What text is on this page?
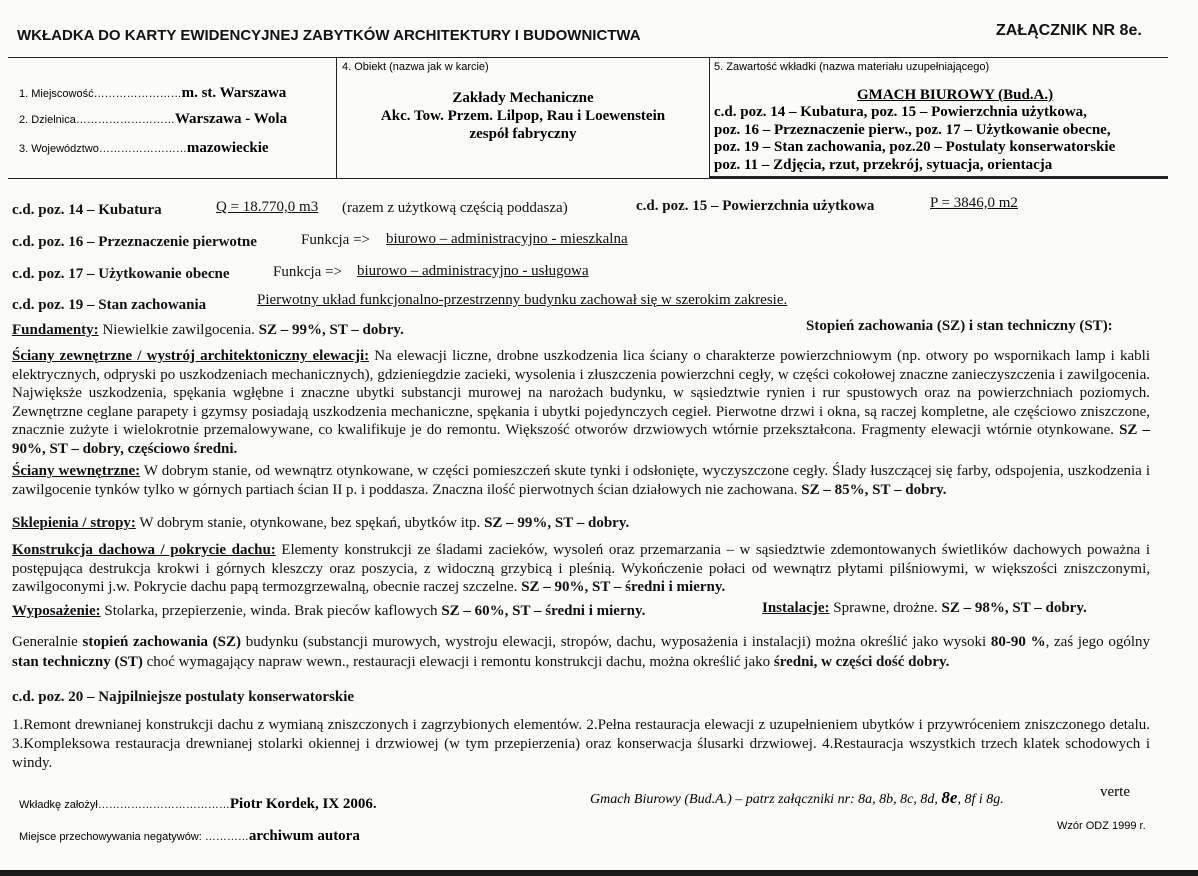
WKŁADKA DO KARTY EWIDENCYJNEJ ZABYTKÓW ARCHITEKTURY I BUDOWNICTWA	ZAŁĄCZNIK NR 8e.
1. Miejscowość……………………m. st. Warszawa
2. Dzielnica………………………Warszawa - Wola
3. Województwo……………………mazowieckie
4. Obiekt (nazwa jak w karcie)
Zakłady Mechaniczne
Akc. Tow. Przem. Lilpop, Rau i Loewenstein
zespół fabryczny
5. Zawartość wkładki (nazwa materiału uzupełniającego)
GMACH BIUROWY (Bud.A.)
c.d. poz. 14 – Kubatura, poz. 15 – Powierzchnia użytkowa,
poz. 16 – Przeznaczenie pierw., poz. 17 – Użytkowanie obecne,
poz. 19 – Stan zachowania, poz.20 – Postulaty konserwatorskie
poz. 11 – Zdjęcia, rzut, przekrój, sytuacja, orientacja
c.d. poz. 14 – Kubatura	Q = 18.770,0 m3 (razem z użytkową częścią poddasza)	c.d. poz. 15 – Powierzchnia użytkowa	P = 3846,0 m2
c.d. poz. 16 – Przeznaczenie pierwotne	Funkcja => biurowo – administracyjno - mieszkalna
c.d. poz. 17 – Użytkowanie obecne	Funkcja => biurowo – administracyjno - usługowa
c.d. poz. 19 – Stan zachowania	Pierwotny układ funkcjonalno-przestrzenny budynku zachował się w szerokim zakresie.
Fundamenty: Niewielkie zawilgocenia. SZ – 99%, ST – dobry.	Stopień zachowania (SZ) i stan techniczny (ST):
Ściany zewnętrzne / wystrój architektoniczny elewacji: Na elewacji liczne, drobne uszkodzenia lica ściany o charakterze powierzchniowym (np. otwory po wspornikach lamp i kabli elektrycznych, odpryski po uszkodzeniach mechanicznych), gdzieniegdzie zacieki, wysolenia i złuszczenia powierzchni cegły, w części cokołowej znaczne zanieczyszczenia i zawilgocenia. Najwięksże uszkodzenia, spękania wgłębne i znaczne ubytki substancji murowej na narożach budynku, w sąsiedztwie rynien i rur spustowych oraz na powierzchniach poziomych. Zewnętrzne ceglane parapety i gzymsy posiadają uszkodzenia mechaniczne, spękania i ubytki pojedynczych cegieł. Pierwotne drzwi i okna, są raczej kompletne, ale częściowo zniszczone, znacznie zużyte i wielokrotnie przemalowywane, co kwalifikuje je do remontu. Większość otworów drzwiowych wtórnie przekształcona. Fragmenty elewacji wtórnie otynkowane. SZ – 90%, ST – dobry, częściowo średni.
Ściany wewnętrzne: W dobrym stanie, od wewnątrz otynkowane, w części pomieszczeń skute tynki i odsłonięte, wyczyszczone cegły. Ślady łuszczącej się farby, odspojenia, uszkodzenia i zawilgocenie tynków tylko w górnych partiach ścian II p. i poddasza. Znaczna ilość pierwotnych ścian działowych nie zachowana. SZ – 85%, ST – dobry.
Sklepienia / stropy: W dobrym stanie, otynkowane, bez spękań, ubytków itp. SZ – 99%, ST – dobry.
Konstrukcja dachowa / pokrycie dachu: Elementy konstrukcji ze śladami zacieków, wysoleń oraz przemarzania – w sąsiedztwie zdemontowanych świetlików dachowych poważna i postępująca destrukcja krokwi i górnych kleszczy oraz poszycia, z widoczną grzybicą i pleśnią. Wykończenie połaci od wewnątrz płytami pilśniowymi, w większości zniszczonymi, zawilgoconymi j.w. Pokrycie dachu papą termozgrzewalną, obecnie raczej szczelne. SZ – 90%, ST – średni i mierny.
Wyposażenie: Stolarka, przepierzenie, winda. Brak pieców kaflowych SZ – 60%, ST – średni i mierny.	Instalacje: Sprawne, drożne. SZ – 98%, ST – dobry.
Generalnie stopień zachowania (SZ) budynku (substancji murowych, wystroju elewacji, stropów, dachu, wyposażenia i instalacji) można określić jako wysoki 80-90 %, zaś jego ogólny stan techniczny (ST) choć wymagający napraw wewn., restauracji elewacji i remontu konstrukcji dachu, można określić jako średni, w części dość dobry.
c.d. poz. 20 – Najpilniejsze postulaty konserwatorskie
1.Remont drewnianej konstrukcji dachu z wymianą zniszczonych i zagrzybionych elementów. 2.Pełna restauracja elewacji z uzupełnieniem ubytków i przywróceniem zniszczonego detalu. 3.Kompleksowa restauracja drewnianej stolarki okiennej i drzwiowej (w tym przepierzenia) oraz konserwacja ślusarki drzwiowej. 4.Restauracja wszystkich trzech klatek schodowych i windy.
Wkładkę założył………………………………Piotr Kordek, IX 2006.	Gmach Biurowy (Bud.A.) – patrz załączniki nr: 8a, 8b, 8c, 8d, 8e, 8f i 8g.	verte
Miejsce przechowywania negatywów: …………archiwum autora
Wzór ODZ 1999 r.
